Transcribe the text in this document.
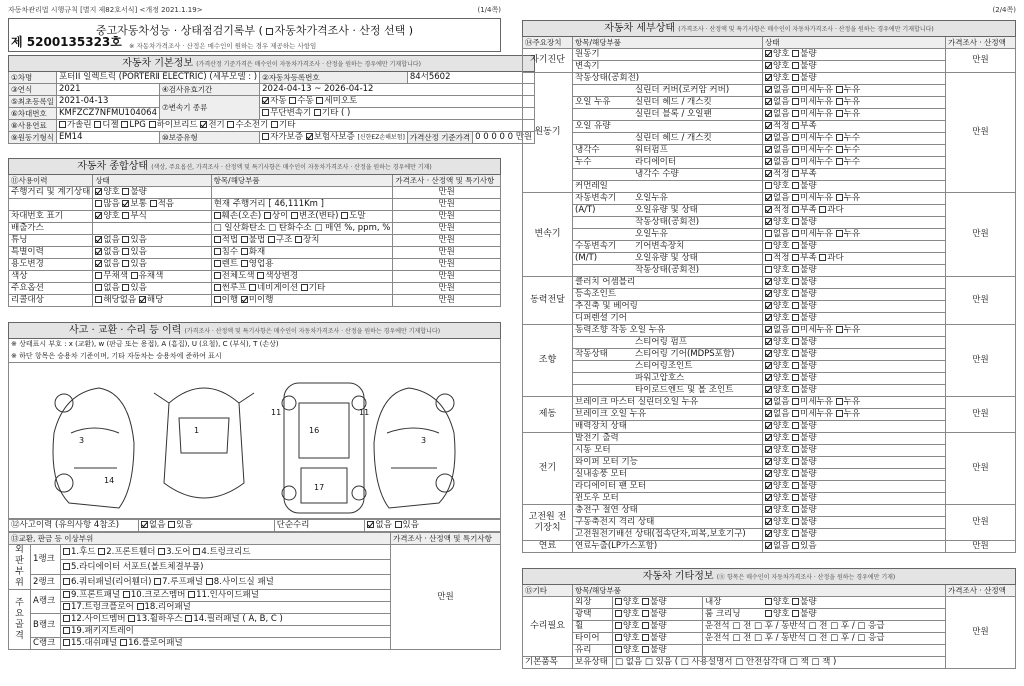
자동차관리법 시행규칙 [별지 제82호서식] <개정 2021.1.19>	(1/4쪽)
중고자동차성능 · 상태점검기록부 ( 자동차가격조사 · 산정 선택 )
제 5200135323호 ※ 자동차가격조사 · 산정은 매수인이 원하는 경우 제공하는 사항임
자동차 기본정보 (가격산정 기준가격은 매수인이 자동차가격조사 · 산정을 원하는 경우에만 기재합니다)					
①차명	포터II 일렉트릭 (PORTERⅡ ELECTRIC) (세부모델 : )		②자동차등록번호	84서5602	
③연식	2021	④검사유효기간	2024-04-13 ~ 2026-04-12		
⑤최초등록일	2021-04-13	⑦변속기 종류	자동 수동 세미오토		
⑥차대번호	KMFZCZ7NFMU104064		무단변속기 기타 ( )		
⑧사용연료	가솔린 디젤 LPG 하이브리드 전기 수소전기 기타				
⑨원동기형식	EM14	⑩보증유형	자가보증 보험사보증 [신한EZ손해보험]	가격산정 기준가격	0 0 0 0 0 만원
자동차 종합상태 (색상, 주요옵션, 가격조사 · 산정액 및 특기사항은 매수인이 자동차가격조사 · 산정을 원하는 경우에만 기재)			
⑪사용이력	상태	항목/해당부품	가격조사 · 산정액 및 특기사항
주행거리 및 계기상태	양호 불량		만원
	많음 보통 적음	현재 주행거리 [ 46,111Km ]	만원
차대번호 표기	양호 부식	훼손(오손) 상이 변조(변타) 도말	만원
배출가스		□ 일산화탄소 □ 탄화수소 □ 매연 %, ppm, %	만원
튜닝	없음 있음	적법 불법 구조 장치	만원
특별이력	없음 있음	침수 화재	만원
용도변경	없음 있음	렌트 영업용	만원
색상	무채색 유채색	전체도색 색상변경	만원
주요옵션	없음 있음	썬루프 네비게이션 기타	만원
리콜대상	해당없음 해당	이행 미이행	만원
사고 · 교환 · 수리 등 이력 (가격조사 · 산정액 및 특기사항은 매수인이 자동차가격조사 · 산정을 원하는 경우에만 기재합니다)
※ 상태표시 부호 : x (교환), w (판금 또는 용접), A (흠집), U (요철), C (부식), T (손상)
※ 하단 항목은 승용차 기준이며, 기타 자동차는 승용차에 준하여 표시
1	16
17
3	3
14
11	11
⑫사고이력 (유의사항 4참조)	없음 있음	단순수리	없음 있음
⑬교환, 판금 등 이상부위			가격조사 · 산정액 및 특기사항
외판부위	1랭크	1.후드 2.프론트휀더 3.도어 4.트렁크리드	만원
		5.라디에이터 서포트(볼트체결부품)	
	2랭크	6.쿼터패널(리어휀더) 7.루프패널 8.사이드실 패널	
주요골격	A랭크	9.프론트패널 10.크로스멤버 11.인사이드패널	
		17.트렁크플로어 18.리어패널	
	B랭크	12.사이드멤버 13.휠하우스 14.필러패널 ( A, B, C )	
		19.패키지트레이	
	C랭크	15.대쉬패널 16.플로어패널	
(2/4쪽)
자동차 세부상태 (가격조사 · 산정액 및 특기사항은 매수인이 자동차가격조사 · 산정을 원하는 경우에만 기재합니다)			
⑭주요장치	항목/해당부품	상태	가격조사 · 산정액
자기진단	원동기	양호 불량	만원
	변속기	양호 불량	
원동기	작동상태(공회전)	양호 불량	만원
	실린더 커버(로커암 커버)	없음 미세누유 누유	
	오일 누유 실린더 헤드 / 개스킷	없음 미세누유 누유	
	실린더 블록 / 오일팬	없음 미세누유 누유	
	오일 유량	적정 부족	
	실린더 헤드 / 개스킷	없음 미세누수 누수	
	냉각수 워터펌프	없음 미세누수 누수	
	누수 라디에이터	없음 미세누수 누수	
	냉각수 수량	적정 부족	
	커먼레일	양호 불량	
변속기	자동변속기 오일누유	없음 미세누유 누유	만원
	(A/T) 오일유량 및 상태	적정 부족 과다	
	작동상태(공회전)	양호 불량	
	오일누유	없음 미세누유 누유	
	수동변속기 기어변속장치	양호 불량	
	(M/T) 오일유량 및 상태	적정 부족 과다	
	작동상태(공회전)	양호 불량	
동력전달	클러치 어셈블리	양호 불량	만원
	등속조인트	양호 불량	
	추진축 및 베어링	양호 불량	
	디퍼렌셜 기어	양호 불량	
조향	동력조향 작동 오일 누유	없음 미세누유 누유	만원
	스티어링 펌프	양호 불량	
	작동상태 스티어링 기어(MDPS포함)	양호 불량	
	스티어링조인트	양호 불량	
	파워고압호스	양호 불량	
	타이로드엔드 및 볼 조인트	양호 불량	
제동	브레이크 마스터 실린더오일 누유	없음 미세누유 누유	만원
	브레이크 오일 누유	없음 미세누유 누유	
	배력장치 상태	양호 불량	
전기	발전기 출력	양호 불량	만원
	시동 모터	양호 불량	
	와이퍼 모터 기능	양호 불량	
	실내송풍 모터	양호 불량	
	라디에이터 팬 모터	양호 불량	
	윈도우 모터	양호 불량	
고전원 전기장치	충전구 절연 상태	양호 불량	만원
	구동축전지 격리 상태	양호 불량	
	고전원전기배선 상태(접속단자,피복,보호기구)	양호 불량	
연료	연료누출(LP가스포함)	없음 있음	만원
자동차 기타정보 (⑪ 항목은 매수인이 자동차가격조사 · 산정을 원하는 경우에만 기재)				
⑮기타	항목/해당부품			가격조사 · 산정액
수리필요	외장	양호 불량	내장 양호 불량	만원
	광택	양호 불량	룸 크리닝 양호 불량	
	휠	양호 불량	운전석 □ 전 □ 후 / 동반석 □ 전 □ 후 / □ 응급	
	타이어	양호 불량	운전석 □ 전 □ 후 / 동반석 □ 전 □ 후 / □ 응급	
	유리	양호 불량		
기본품목	보유상태	□ 없음 □ 있음 ( □ 사용설명서 □ 안전삼각대 □ 잭 □ 잭 )		
